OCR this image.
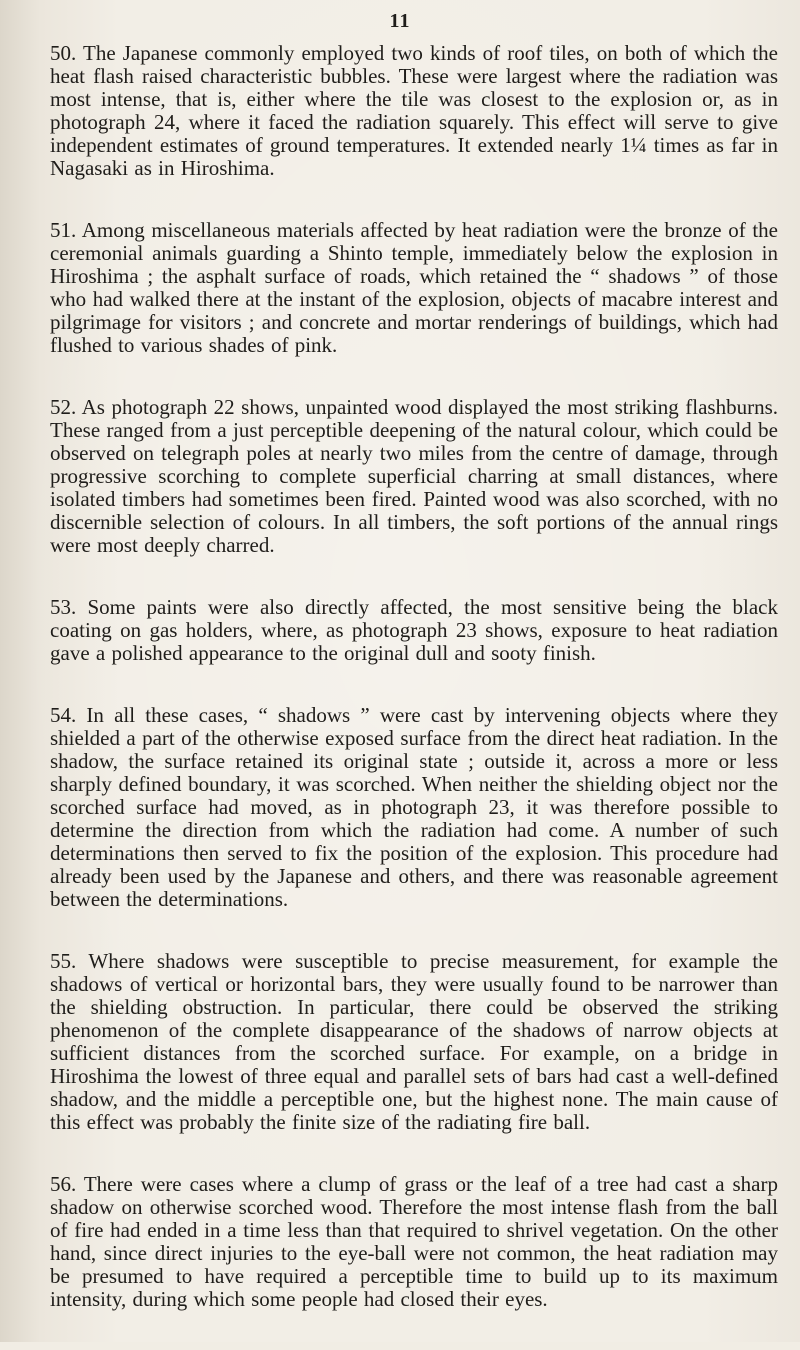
11

50. The Japanese commonly employed two kinds of roof tiles, on both of which the heat flash raised characteristic bubbles. These were largest where the radiation was most intense, that is, either where the tile was closest to the explosion or, as in photograph 24, where it faced the radiation squarely. This effect will serve to give independent estimates of ground temperatures. It extended nearly 1¼ times as far in Nagasaki as in Hiroshima.

51. Among miscellaneous materials affected by heat radiation were the bronze of the ceremonial animals guarding a Shinto temple, immediately below the explosion in Hiroshima ; the asphalt surface of roads, which retained the “ shadows ” of those who had walked there at the instant of the explosion, objects of macabre interest and pilgrimage for visitors ; and concrete and mortar renderings of buildings, which had flushed to various shades of pink.

52. As photograph 22 shows, unpainted wood displayed the most striking flashburns. These ranged from a just perceptible deepening of the natural colour, which could be observed on telegraph poles at nearly two miles from the centre of damage, through progressive scorching to complete superficial charring at small distances, where isolated timbers had sometimes been fired. Painted wood was also scorched, with no discernible selection of colours. In all timbers, the soft portions of the annual rings were most deeply charred.

53. Some paints were also directly affected, the most sensitive being the black coating on gas holders, where, as photograph 23 shows, exposure to heat radiation gave a polished appearance to the original dull and sooty finish.

54. In all these cases, “ shadows ” were cast by intervening objects where they shielded a part of the otherwise exposed surface from the direct heat radiation. In the shadow, the surface retained its original state ; outside it, across a more or less sharply defined boundary, it was scorched. When neither the shielding object nor the scorched surface had moved, as in photograph 23, it was therefore possible to determine the direction from which the radiation had come. A number of such determinations then served to fix the position of the explosion. This procedure had already been used by the Japanese and others, and there was reasonable agreement between the determinations.

55. Where shadows were susceptible to precise measurement, for example the shadows of vertical or horizontal bars, they were usually found to be narrower than the shielding obstruction. In particular, there could be observed the striking phenomenon of the complete disappearance of the shadows of narrow objects at sufficient distances from the scorched surface. For example, on a bridge in Hiroshima the lowest of three equal and parallel sets of bars had cast a well-defined shadow, and the middle a perceptible one, but the highest none. The main cause of this effect was probably the finite size of the radiating fire ball.

56. There were cases where a clump of grass or the leaf of a tree had cast a sharp shadow on otherwise scorched wood. Therefore the most intense flash from the ball of fire had ended in a time less than that required to shrivel vegetation. On the other hand, since direct injuries to the eye-ball were not common, the heat radiation may be presumed to have required a perceptible time to build up to its maximum intensity, during which some people had closed their eyes.
